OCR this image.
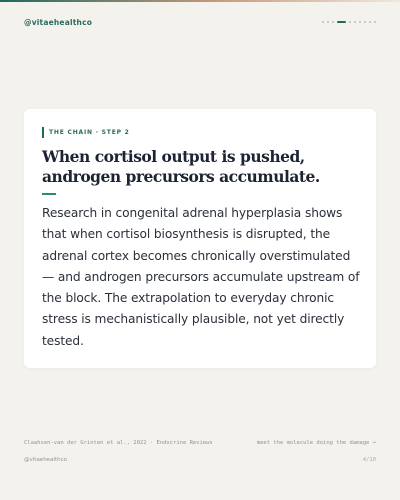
@vitaehealthco
THE CHAIN · STEP 2
When cortisol output is pushed, androgen precursors accumulate.

Research in congenital adrenal hyperplasia shows that when cortisol biosynthesis is disrupted, the adrenal cortex becomes chronically overstimulated — and androgen precursors accumulate upstream of the block. The extrapolation to everyday chronic stress is mechanistically plausible, not yet directly tested.

Claahsen-van der Grinten et al., 2022 · Endocrine Reviews	meet the molecule doing the damage →
@vitaehealthco	4/10
